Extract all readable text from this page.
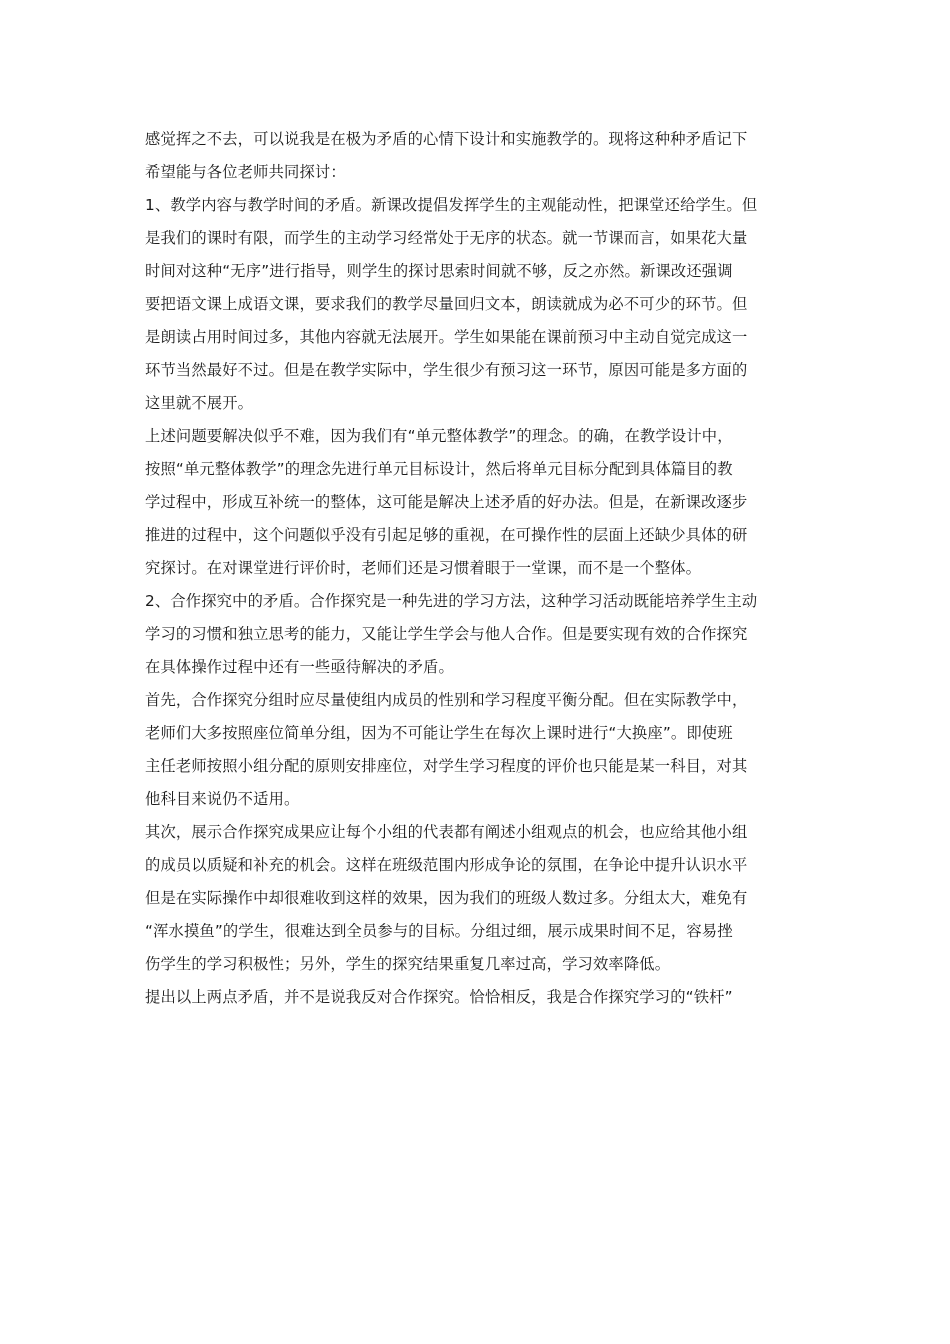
感觉挥之不去，可以说我是在极为矛盾的心情下设计和实施教学的。现将这种种矛盾记下
希望能与各位老师共同探讨：
1、教学内容与教学时间的矛盾。新课改提倡发挥学生的主观能动性，把课堂还给学生。但
是我们的课时有限，而学生的主动学习经常处于无序的状态。就一节课而言，如果花大量
时间对这种“无序”进行指导，则学生的探讨思索时间就不够，反之亦然。新课改还强调
要把语文课上成语文课，要求我们的教学尽量回归文本，朗读就成为必不可少的环节。但
是朗读占用时间过多，其他内容就无法展开。学生如果能在课前预习中主动自觉完成这一
环节当然最好不过。但是在教学实际中，学生很少有预习这一环节，原因可能是多方面的
这里就不展开。
上述问题要解决似乎不难，因为我们有“单元整体教学”的理念。的确，在教学设计中，
按照“单元整体教学”的理念先进行单元目标设计，然后将单元目标分配到具体篇目的教
学过程中，形成互补统一的整体，这可能是解决上述矛盾的好办法。但是，在新课改逐步
推进的过程中，这个问题似乎没有引起足够的重视，在可操作性的层面上还缺少具体的研
究探讨。在对课堂进行评价时，老师们还是习惯着眼于一堂课，而不是一个整体。
2、合作探究中的矛盾。合作探究是一种先进的学习方法，这种学习活动既能培养学生主动
学习的习惯和独立思考的能力，又能让学生学会与他人合作。但是要实现有效的合作探究
在具体操作过程中还有一些亟待解决的矛盾。
首先，合作探究分组时应尽量使组内成员的性别和学习程度平衡分配。但在实际教学中，
老师们大多按照座位简单分组，因为不可能让学生在每次上课时进行“大换座”。即使班
主任老师按照小组分配的原则安排座位，对学生学习程度的评价也只能是某一科目，对其
他科目来说仍不适用。
其次，展示合作探究成果应让每个小组的代表都有阐述小组观点的机会，也应给其他小组
的成员以质疑和补充的机会。这样在班级范围内形成争论的氛围，在争论中提升认识水平
但是在实际操作中却很难收到这样的效果，因为我们的班级人数过多。分组太大，难免有
“浑水摸鱼”的学生，很难达到全员参与的目标。分组过细，展示成果时间不足，容易挫
伤学生的学习积极性；另外，学生的探究结果重复几率过高，学习效率降低。
提出以上两点矛盾，并不是说我反对合作探究。恰恰相反，我是合作探究学习的“铁杆”
